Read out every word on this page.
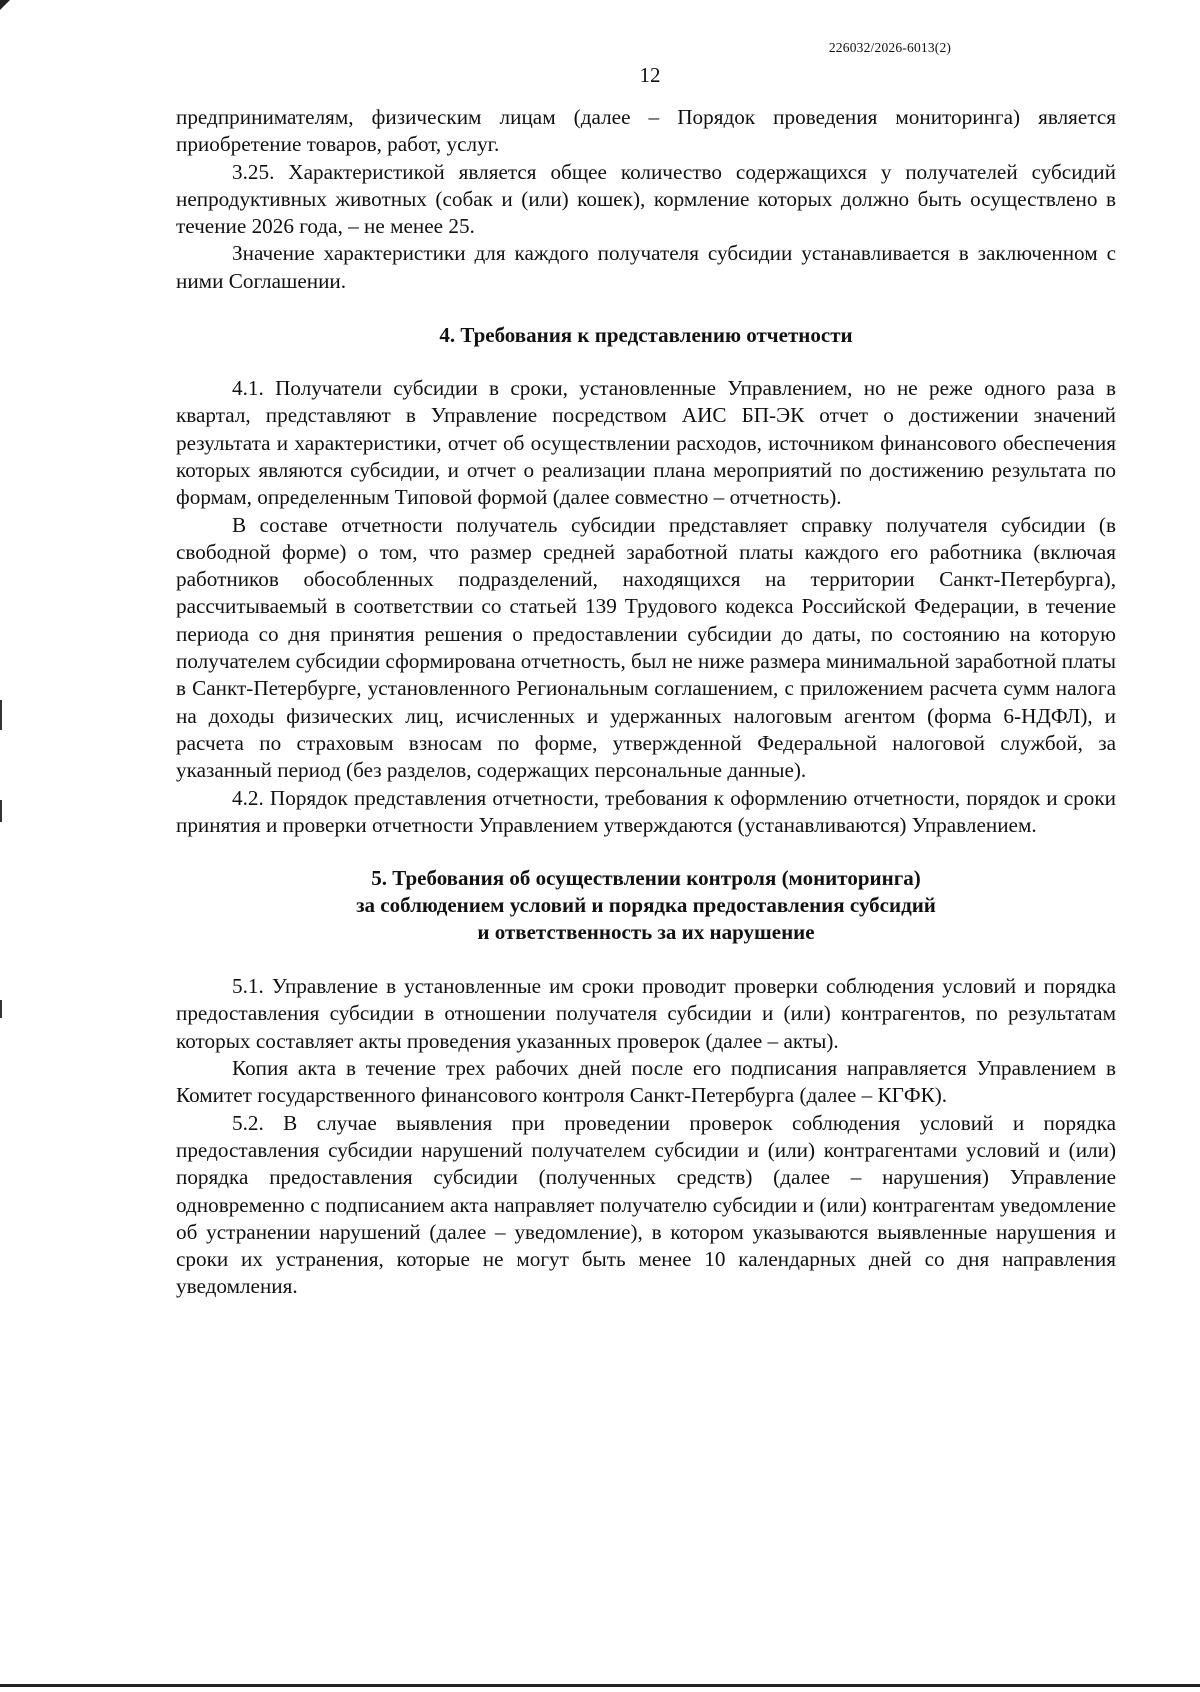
226032/2026-6013(2)
12

предпринимателям, физическим лицам (далее – Порядок проведения мониторинга) является приобретение товаров, работ, услуг.

3.25. Характеристикой является общее количество содержащихся у получателей субсидий непродуктивных животных (собак и (или) кошек), кормление которых должно быть осуществлено в течение 2026 года, – не менее 25.

Значение характеристики для каждого получателя субсидии устанавливается в заключенном с ними Соглашении.

4. Требования к представлению отчетности

4.1. Получатели субсидии в сроки, установленные Управлением, но не реже одного раза в квартал, представляют в Управление посредством АИС БП-ЭК отчет о достижении значений результата и характеристики, отчет об осуществлении расходов, источником финансового обеспечения которых являются субсидии, и отчет о реализации плана мероприятий по достижению результата по формам, определенным Типовой формой (далее совместно – отчетность).

В составе отчетности получатель субсидии представляет справку получателя субсидии (в свободной форме) о том, что размер средней заработной платы каждого его работника (включая работников обособленных подразделений, находящихся на территории Санкт-Петербурга), рассчитываемый в соответствии со статьей 139 Трудового кодекса Российской Федерации, в течение периода со дня принятия решения о предоставлении субсидии до даты, по состоянию на которую получателем субсидии сформирована отчетность, был не ниже размера минимальной заработной платы в Санкт-Петербурге, установленного Региональным соглашением, с приложением расчета сумм налога на доходы физических лиц, исчисленных и удержанных налоговым агентом (форма 6-НДФЛ), и расчета по страховым взносам по форме, утвержденной Федеральной налоговой службой, за указанный период (без разделов, содержащих персональные данные).

4.2. Порядок представления отчетности, требования к оформлению отчетности, порядок и сроки принятия и проверки отчетности Управлением утверждаются (устанавливаются) Управлением.

5. Требования об осуществлении контроля (мониторинга)
за соблюдением условий и порядка предоставления субсидий
и ответственность за их нарушение

5.1. Управление в установленные им сроки проводит проверки соблюдения условий и порядка предоставления субсидии в отношении получателя субсидии и (или) контрагентов, по результатам которых составляет акты проведения указанных проверок (далее – акты).

Копия акта в течение трех рабочих дней после его подписания направляется Управлением в Комитет государственного финансового контроля Санкт-Петербурга (далее – КГФК).

5.2. В случае выявления при проведении проверок соблюдения условий и порядка предоставления субсидии нарушений получателем субсидии и (или) контрагентами условий и (или) порядка предоставления субсидии (полученных средств) (далее – нарушения) Управление одновременно с подписанием акта направляет получателю субсидии и (или) контрагентам уведомление об устранении нарушений (далее – уведомление), в котором указываются выявленные нарушения и сроки их устранения, которые не могут быть менее 10 календарных дней со дня направления уведомления.
